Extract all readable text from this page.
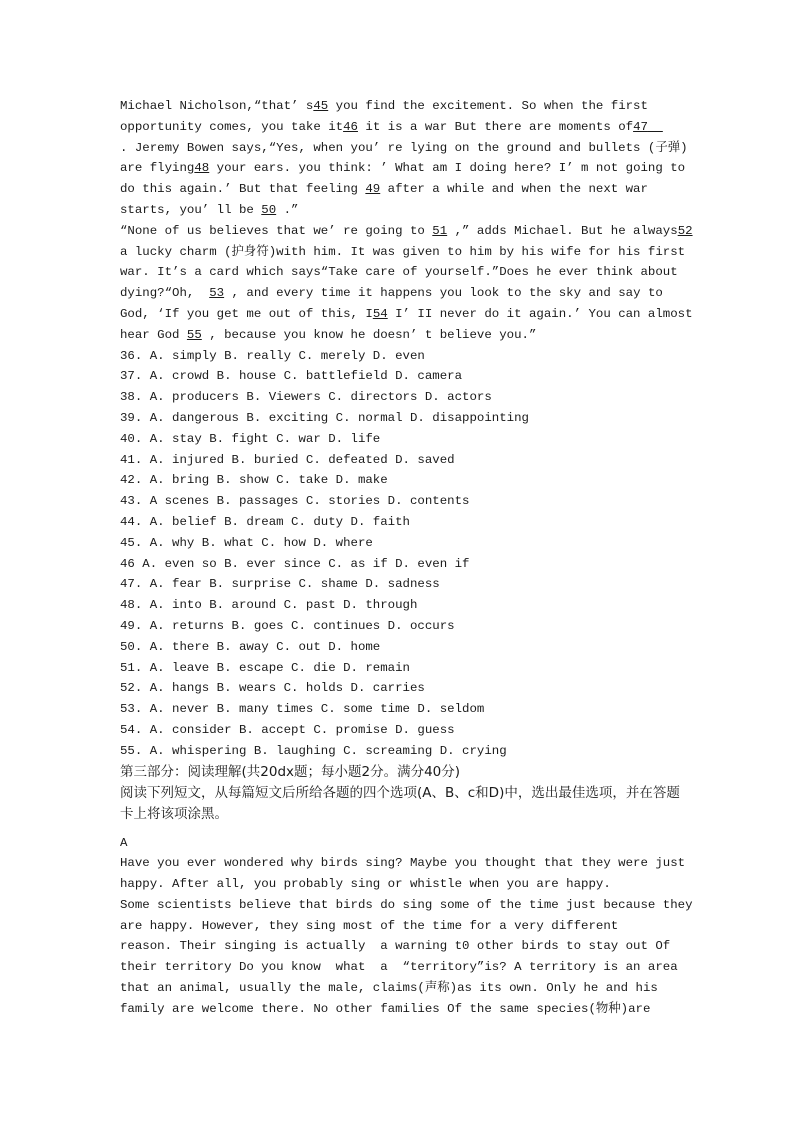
Michael Nicholson,“that’ s45 you find the excitement. So when the first
opportunity comes, you take it46 it is a war But there are moments of47
. Jeremy Bowen says,“Yes, when you’ re lying on the ground and bullets (子弹)
are flying48 your ears. you think: ’ What am I doing here? I’ m not going to
do this again.’ But that feeling 49 after a while and when the next war
starts, you’ ll be 50 .”
“None of us believes that we’ re going to 51 ,” adds Michael. But he always52
a lucky charm (护身符)with him. It was given to him by his wife for his first
war. It’s a card which says“Take care of yourself.”Does he ever think about
dying?“Oh,  53 , and every time it happens you look to the sky and say to
God, ‘If you get me out of this, I54 I’ II never do it again.’ You can almost
hear God 55 , because you know he doesn’ t believe you.”
36. A. simply B. really C. merely D. even
37. A. crowd B. house C. battlefield D. camera
38. A. producers B. Viewers C. directors D. actors
39. A. dangerous B. exciting C. normal D. disappointing
40. A. stay B. fight C. war D. life
41. A. injured B. buried C. defeated D. saved
42. A. bring B. show C. take D. make
43. A scenes B. passages C. stories D. contents
44. A. belief B. dream C. duty D. faith
45. A. why B. what C. how D. where
46 A. even so B. ever since C. as if D. even if
47. A. fear B. surprise C. shame D. sadness
48. A. into B. around C. past D. through
49. A. returns B. goes C. continues D. occurs
50. A. there B. away C. out D. home
51. A. leave B. escape C. die D. remain
52. A. hangs B. wears C. holds D. carries
53. A. never B. many times C. some time D. seldom
54. A. consider B. accept C. promise D. guess
55. A. whispering B. laughing C. screaming D. crying
第三部分：阅读理解(共20dx题；每小题2分。满分40分)
阅读下列短文，从每篇短文后所给各题的四个选项(A、B、c和D)中，选出最佳选项，并在答题卡上将该项涂黑。
A
Have you ever wondered why birds sing? Maybe you thought that they were just
happy. After all, you probably sing or whistle when you are happy.
Some scientists believe that birds do sing some of the time just because they
are happy. However, they sing most of the time for a very different
reason. Their singing is actually  a warning t0 other birds to stay out Of
their territory Do you know  what  a  “territory”is? A territory is an area
that an animal, usually the male, claims(声称)as its own. Only he and his
family are welcome there. No other families Of the same species(物种)are
